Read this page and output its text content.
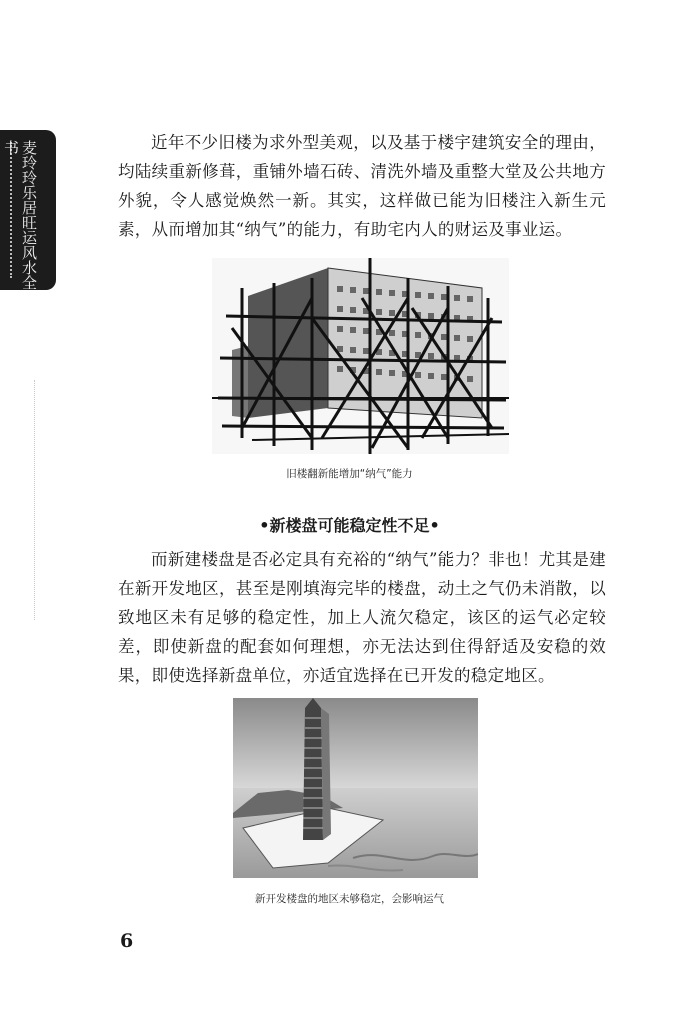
麦玲玲乐居旺运风水全书	近年不少旧楼为求外型美观，以及基于楼宇建筑安全的理由，均陆续重新修葺，重铺外墙石砖、清洗外墙及重整大堂及公共地方外貌，令人感觉焕然一新。其实，这样做已能为旧楼注入新生元素，从而增加其“纳气”的能力，有助宅内人的财运及事业运。

旧楼翻新能增加“纳气”能力
•新楼盘可能稳定性不足•

而新建楼盘是否必定具有充裕的“纳气”能力？非也！尤其是建在新开发地区，甚至是刚填海完毕的楼盘，动土之气仍未消散，以致地区未有足够的稳定性，加上人流欠稳定，该区的运气必定较差，即使新盘的配套如何理想，亦无法达到住得舒适及安稳的效果，即使选择新盘单位，亦适宜选择在已开发的稳定地区。

新开发楼盘的地区未够稳定，会影响运气
6
